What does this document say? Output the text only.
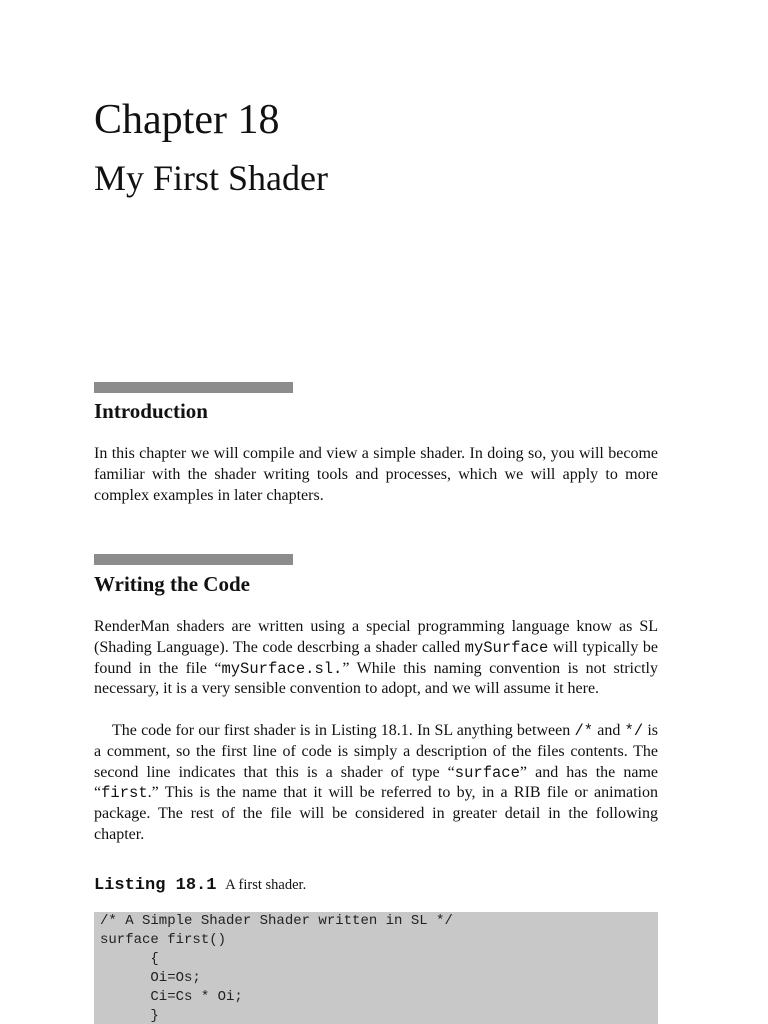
Chapter 18
My First Shader
Introduction

In this chapter we will compile and view a simple shader. In doing so, you will become familiar with the shader writing tools and processes, which we will apply to more complex examples in later chapters.

Writing the Code

RenderMan shaders are written using a special programming language know as SL (Shading Language). The code descrbing a shader called mySurface will typically be found in the file “mySurface.sl.” While this naming convention is not strictly necessary, it is a very sensible convention to adopt, and we will assume it here.

The code for our first shader is in Listing 18.1. In SL anything between /* and */ is a comment, so the first line of code is simply a description of the files contents. The second line indicates that this is a shader of type “surface” and has the name “first.” This is the name that it will be referred to by, in a RIB file or animation package. The rest of the file will be considered in greater detail in the following chapter.

Listing 18.1 A first shader.
/* A Simple Shader Shader written in SL */
surface first()
{
Oi=Os;
Ci=Cs * Oi;
}
